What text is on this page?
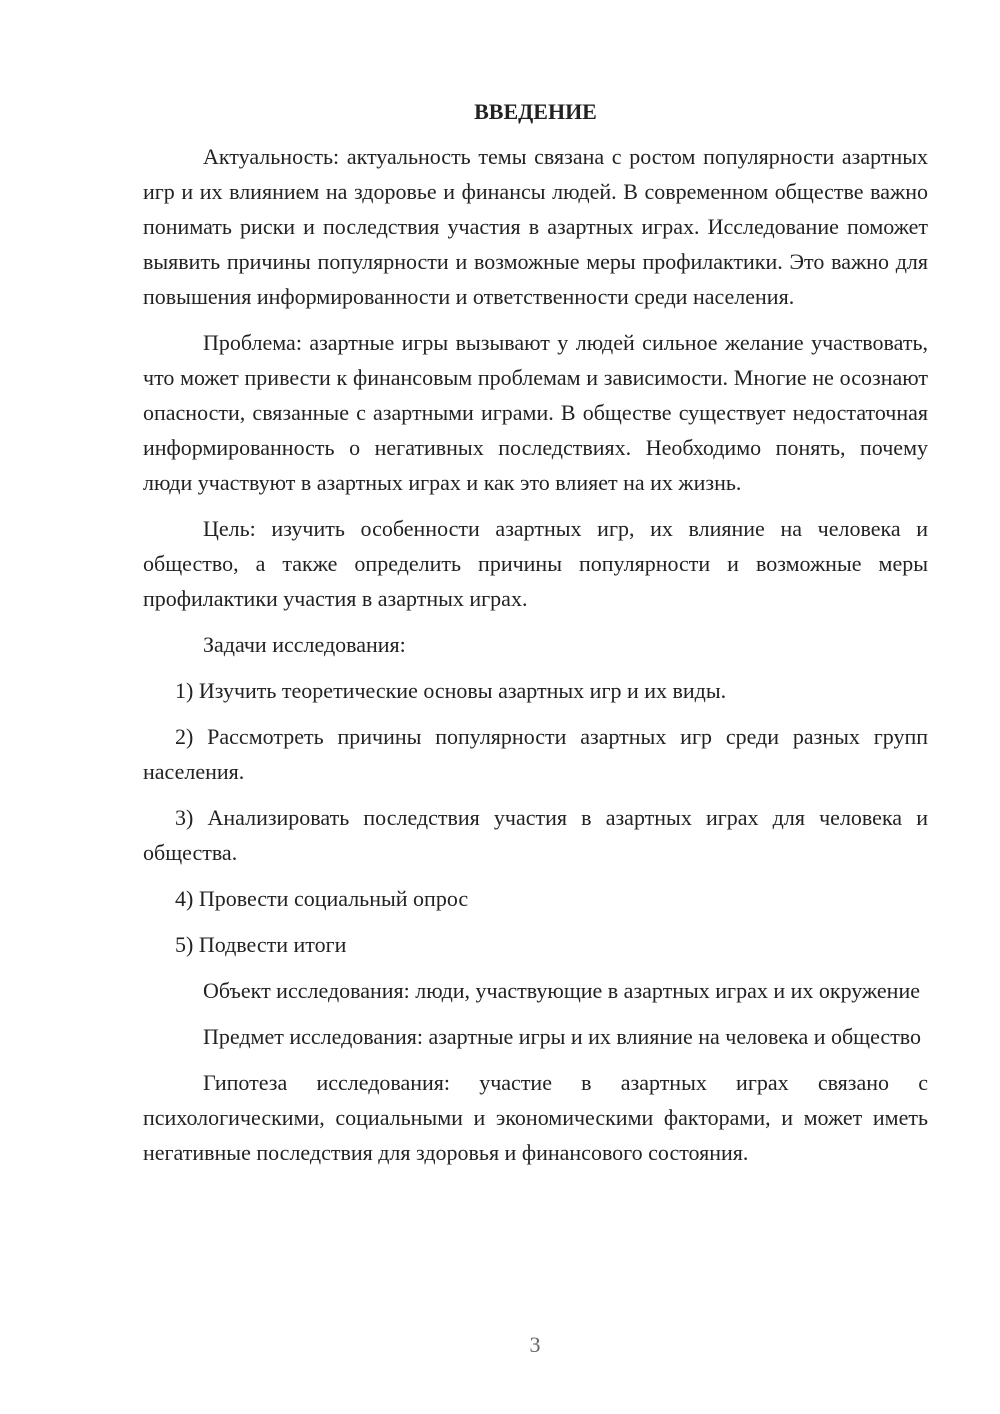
ВВЕДЕНИЕ

Актуальность: актуальность темы связана с ростом популярности азартных игр и их влиянием на здоровье и финансы людей. В современном обществе важно понимать риски и последствия участия в азартных играх. Исследование поможет выявить причины популярности и возможные меры профилактики. Это важно для повышения информированности и ответственности среди населения.

Проблема: азартные игры вызывают у людей сильное желание участвовать, что может привести к финансовым проблемам и зависимости. Многие не осознают опасности, связанные с азартными играми. В обществе существует недостаточная информированность о негативных последствиях. Необходимо понять, почему люди участвуют в азартных играх и как это влияет на их жизнь.

Цель: изучить особенности азартных игр, их влияние на человека и общество, а также определить причины популярности и возможные меры профилактики участия в азартных играх.

Задачи исследования:

1) Изучить теоретические основы азартных игр и их виды.

2) Рассмотреть причины популярности азартных игр среди разных групп населения.

3) Анализировать последствия участия в азартных играх для человека и общества.

4) Провести социальный опрос

5) Подвести итоги

Объект исследования: люди, участвующие в азартных играх и их окружение

Предмет исследования: азартные игры и их влияние на человека и общество

Гипотеза исследования: участие в азартных играх связано с психологическими, социальными и экономическими факторами, и может иметь негативные последствия для здоровья и финансового состояния.

3
